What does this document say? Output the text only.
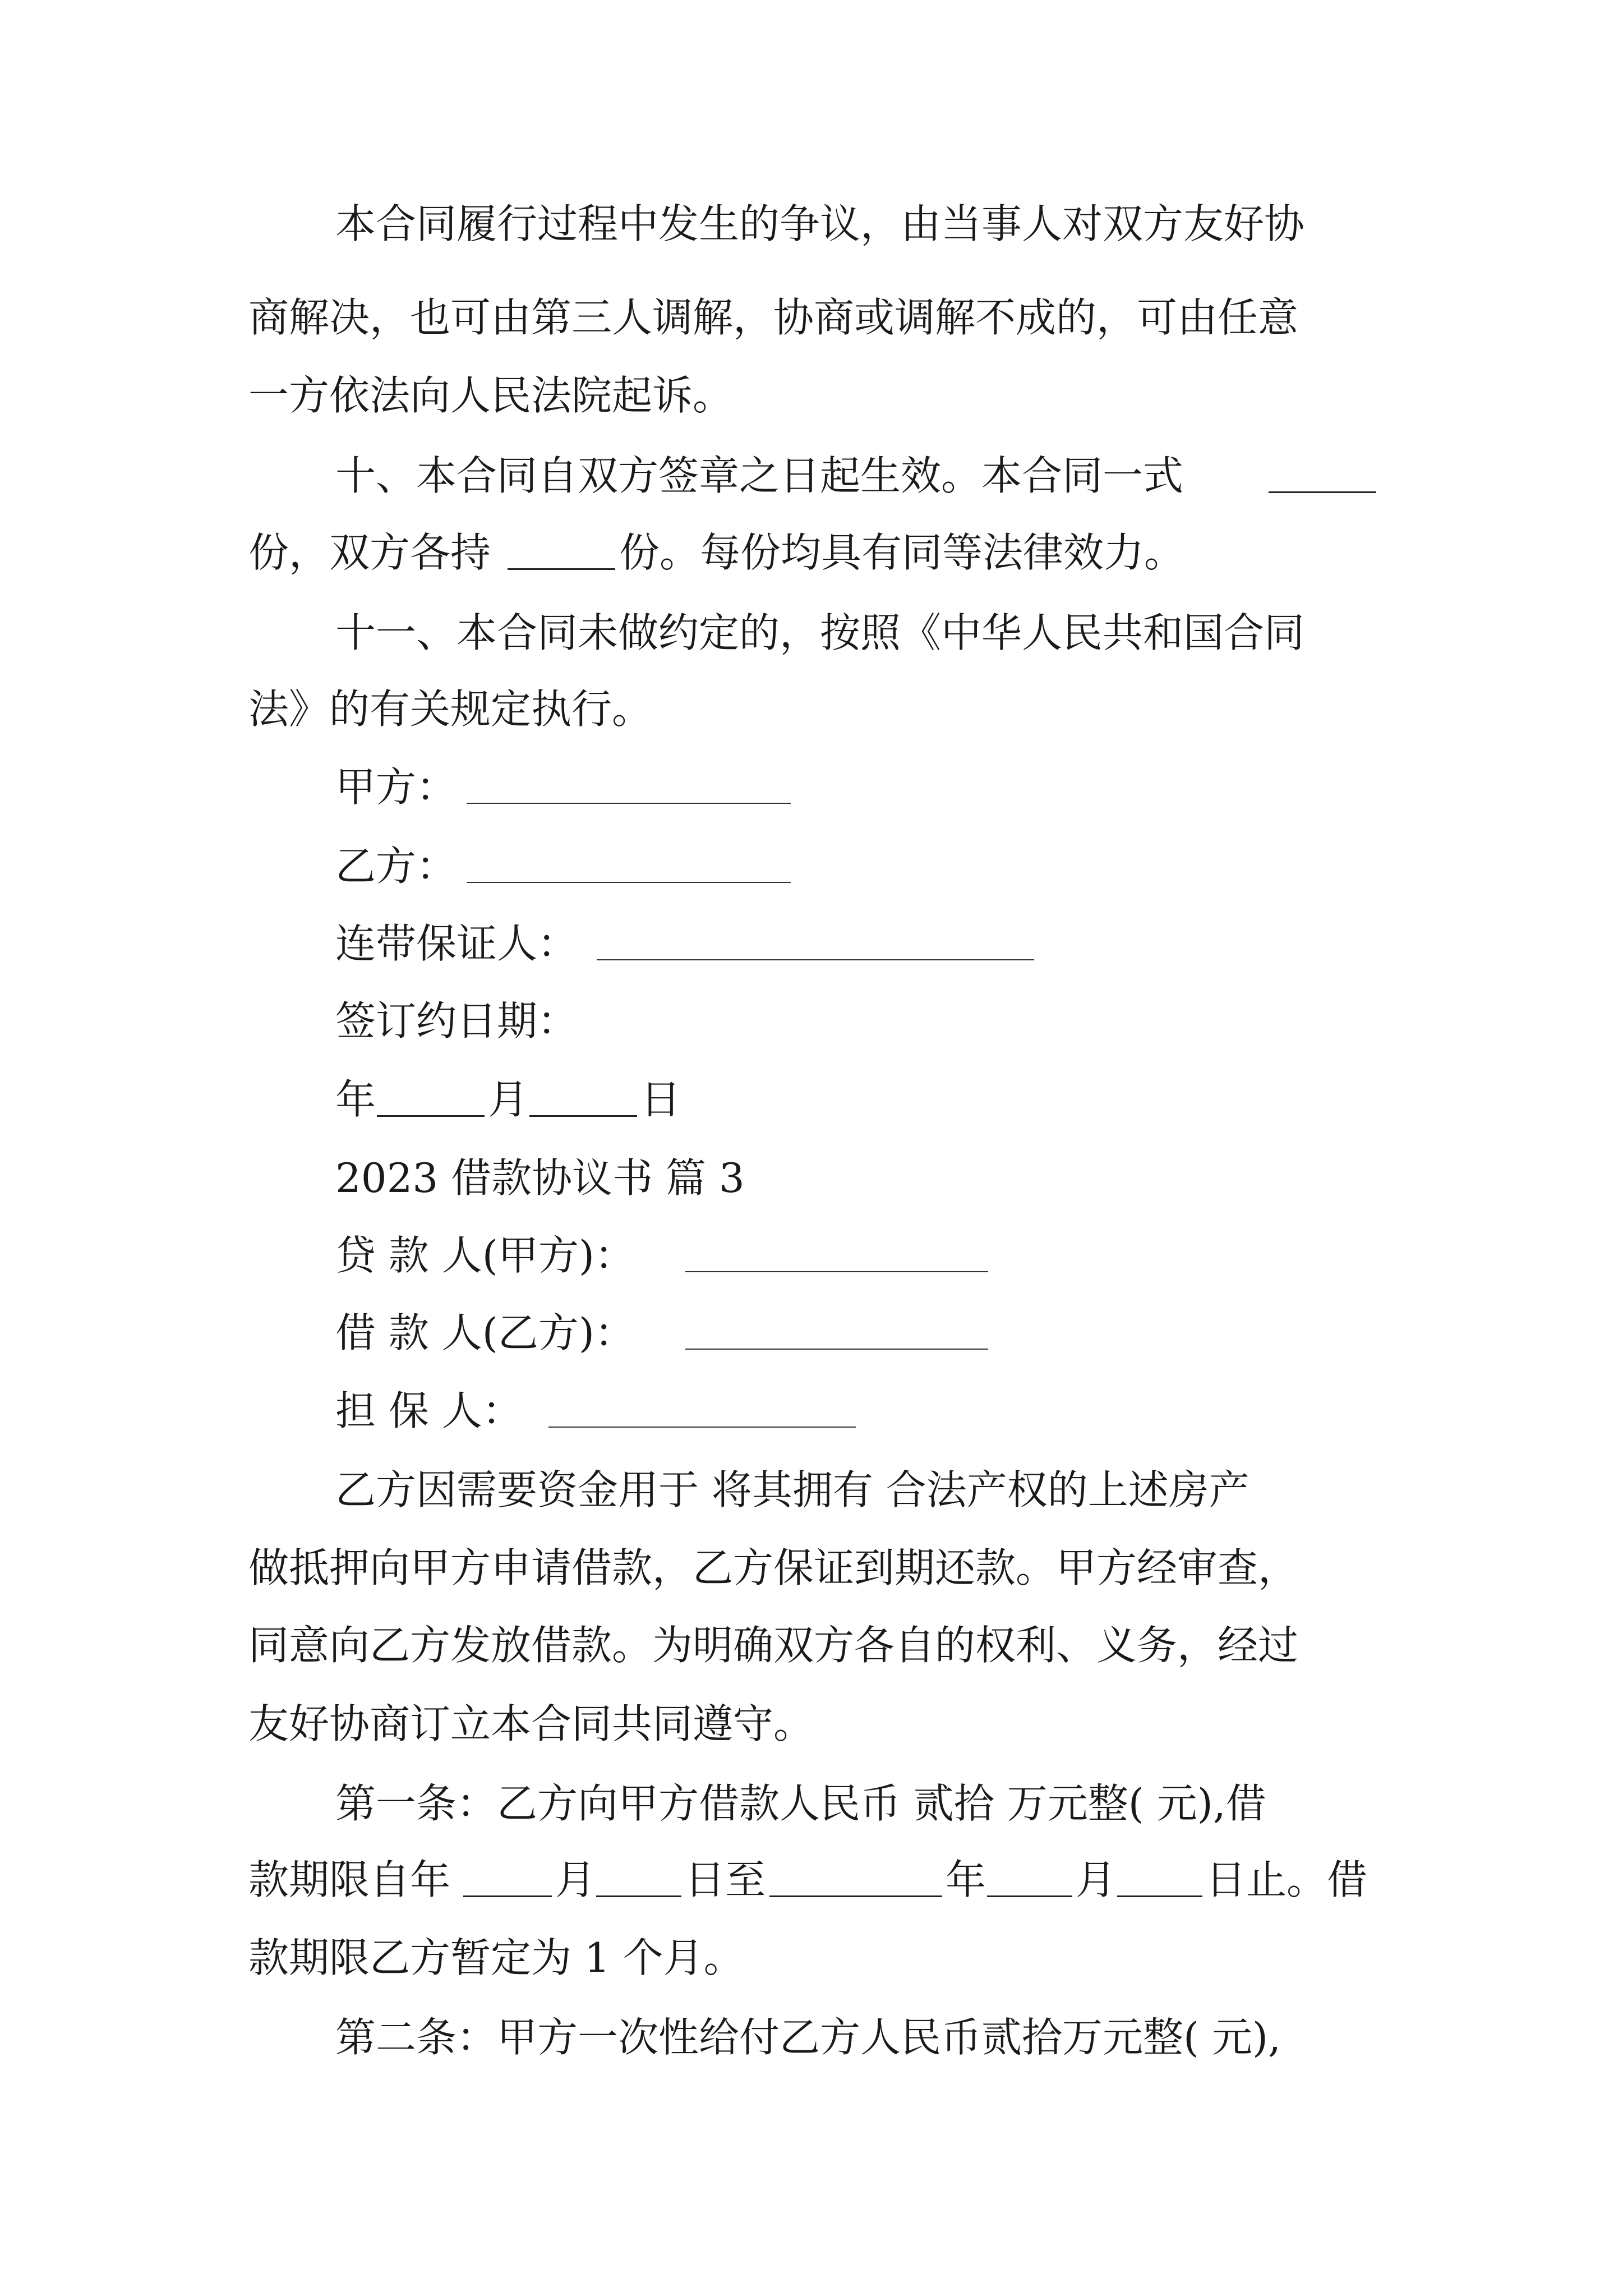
本合同履行过程中发生的争议，由当事人对双方友好协
商解决，也可由第三人调解，协商或调解不成的，可由任意
一方依法向人民法院起诉。
十、本合同自双方签章之日起生效。本合同一式
份，双方各持	份。每份均具有同等法律效力。
十一、本合同未做约定的，按照《中华人民共和国合同
法》的有关规定执行。
甲方：
乙方：
连带保证人：
签订约日期：
年	月	日
2023 借款协议书 篇 3
贷 款 人(甲方)：
借 款 人(乙方)：
担 保 人：
乙方因需要资金用于 将其拥有 合法产权的上述房产
做抵押向甲方申请借款，乙方保证到期还款。甲方经审查，
同意向乙方发放借款。为明确双方各自的权利、义务，经过
友好协商订立本合同共同遵守。
第一条：乙方向甲方借款人民币 贰拾 万元整( 元),借
款期限自年	月 日至	年 月 日止。借
款期限乙方暂定为 1 个月。
第二条：甲方一次性给付乙方人民币贰拾万元整( 元),
